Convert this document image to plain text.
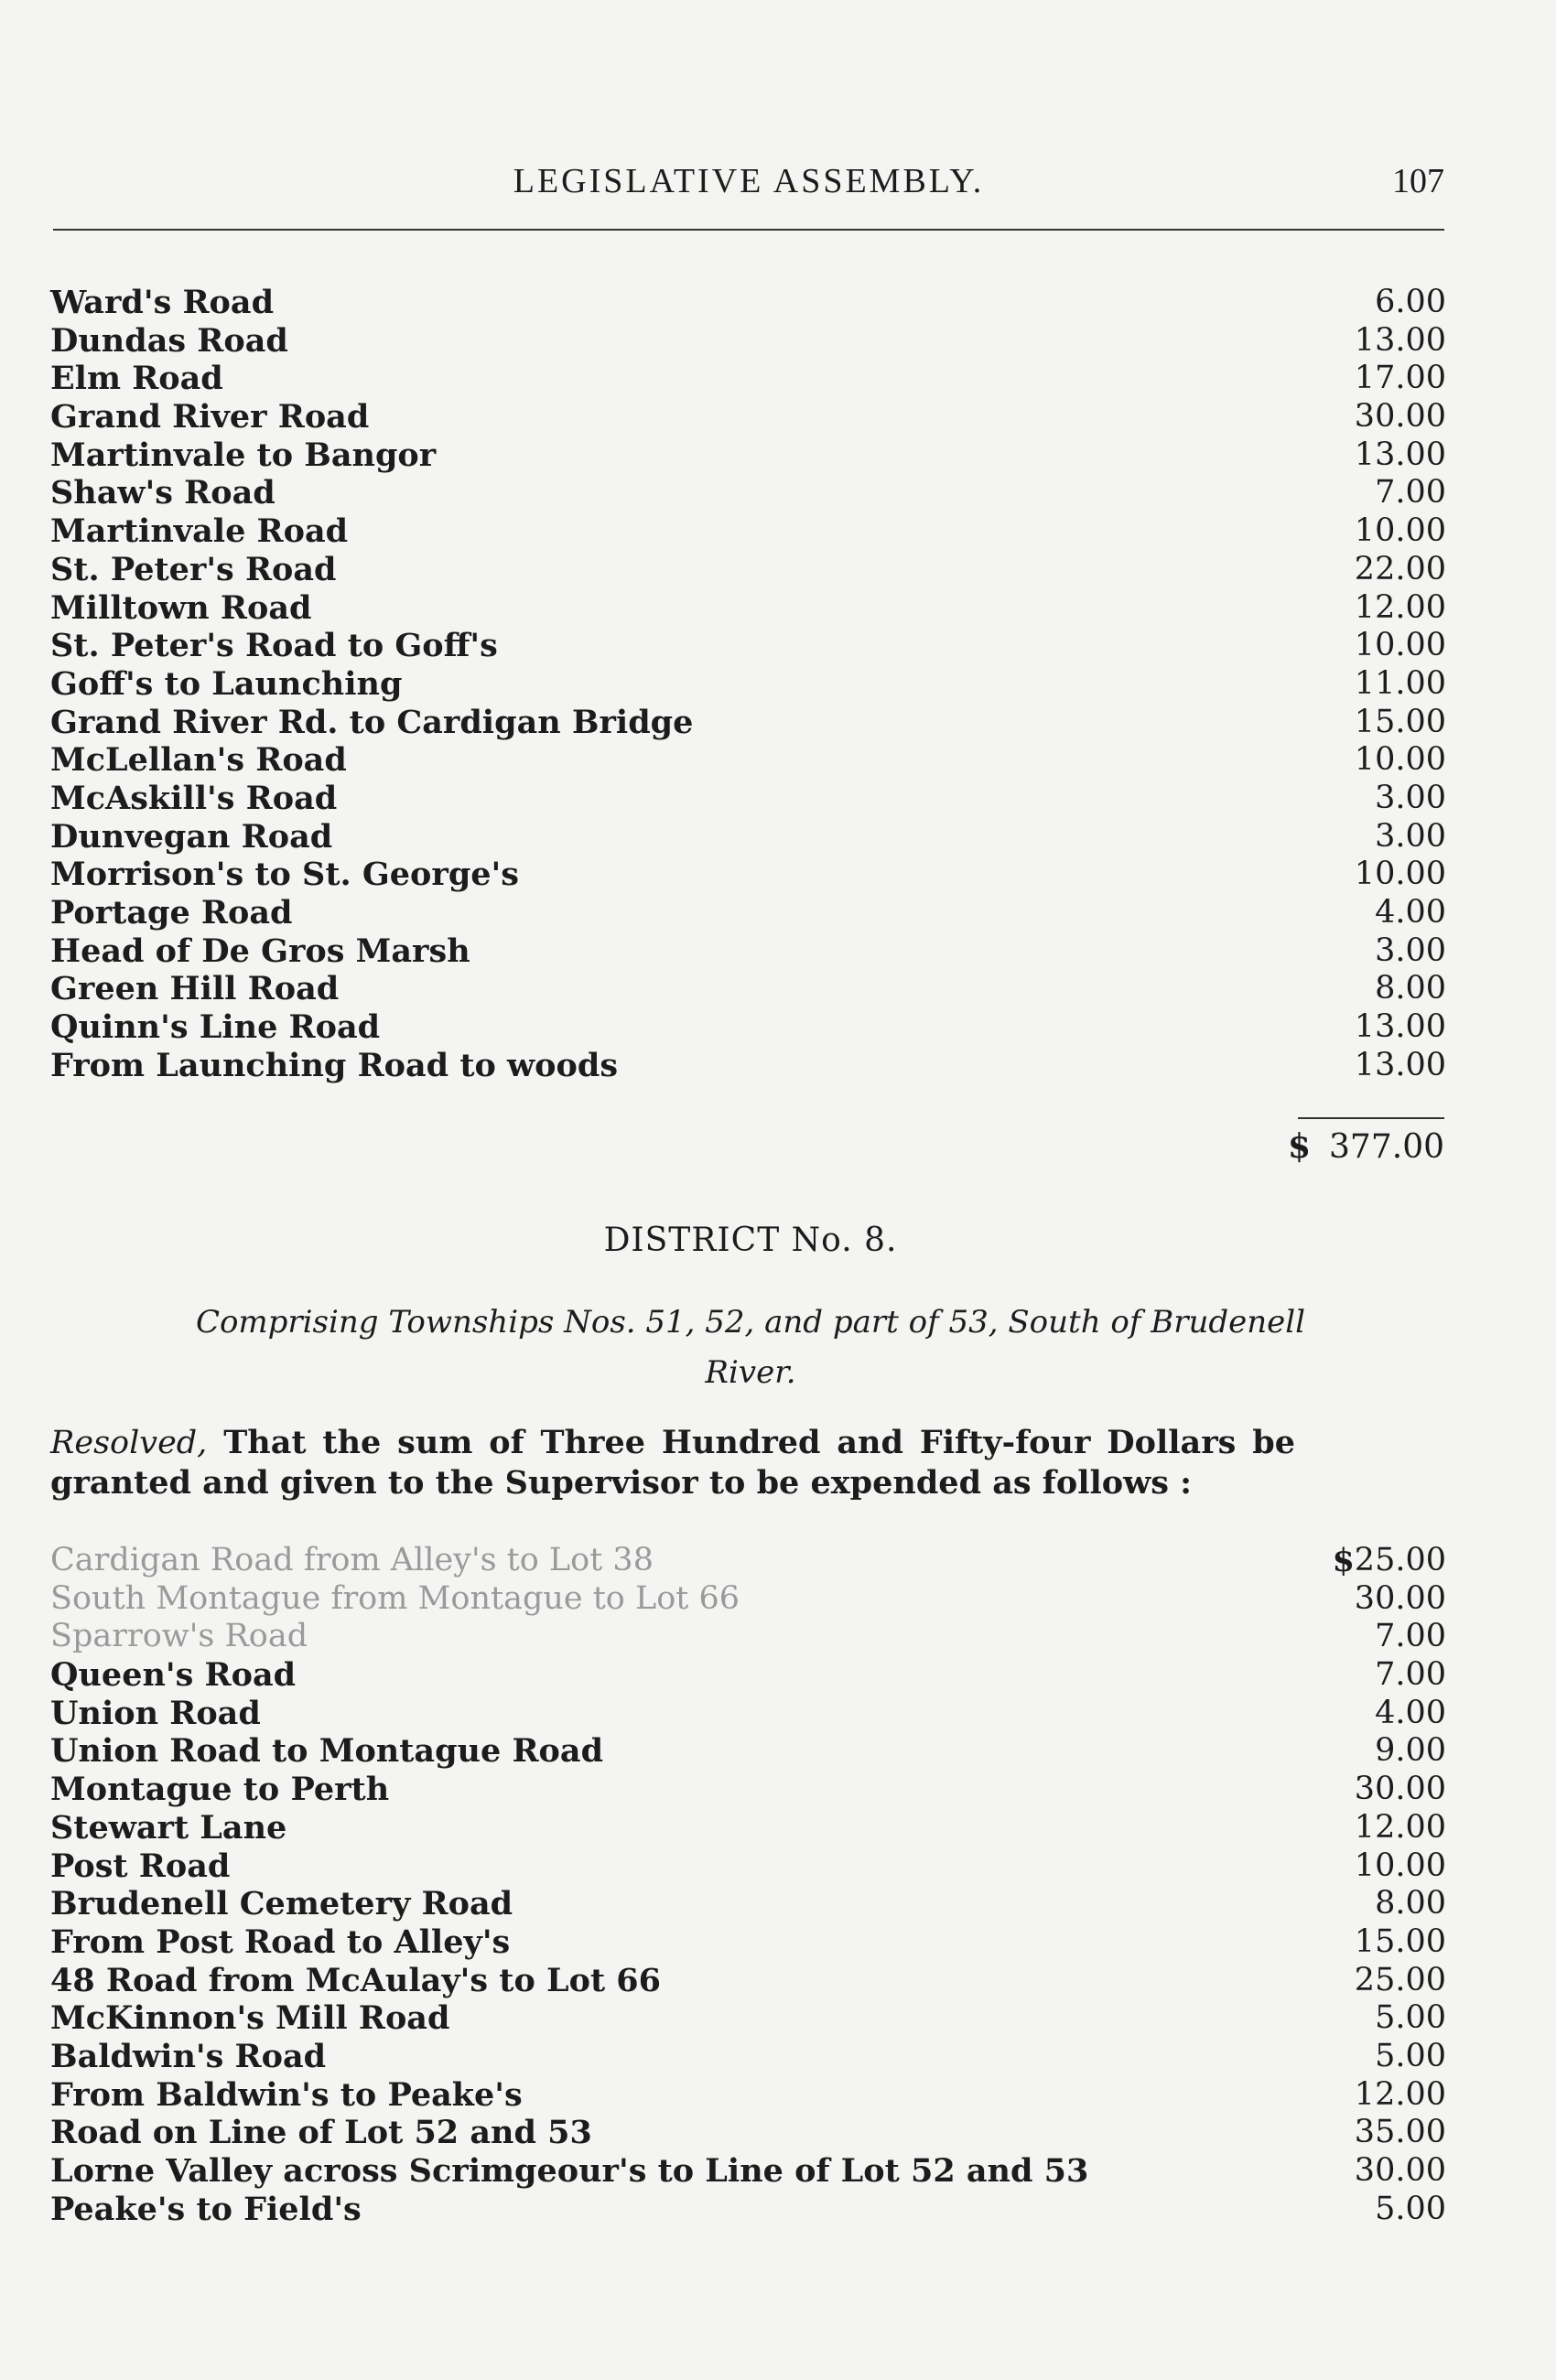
LEGISLATIVE ASSEMBLY.	107
Ward's Road	6.00
Dundas Road	13.00
Elm Road	17.00
Grand River Road	30.00
Martinvale to Bangor	13.00
Shaw's Road	7.00
Martinvale Road	10.00
St. Peter's Road	22.00
Milltown Road	12.00
St. Peter's Road to Goff's	10.00
Goff's to Launching	11.00
Grand River Rd. to Cardigan Bridge	15.00
McLellan's Road	10.00
McAskill's Road	3.00
Dunvegan Road	3.00
Morrison's to St. George's	10.00
Portage Road	4.00
Head of De Gros Marsh	3.00
Green Hill Road	8.00
Quinn's Line Road	13.00
From Launching Road to woods	13.00
$ 377.00
DISTRICT No. 8.
Comprising Townships Nos. 51, 52, and part of 53, South of Brudenell River.
Resolved, That the sum of Three Hundred and Fifty-four Dollars be granted and given to the Supervisor to be expended as follows :
Cardigan Road from Alley's to Lot 38	$ 25.00
South Montague from Montague to Lot 66	30.00
Sparrow's Road	7.00
Queen's Road	7.00
Union Road	4.00
Union Road to Montague Road	9.00
Montague to Perth	30.00
Stewart Lane	12.00
Post Road	10.00
Brudenell Cemetery Road	8.00
From Post Road to Alley's	15.00
48 Road from McAulay's to Lot 66	25.00
McKinnon's Mill Road	5.00
Baldwin's Road	5.00
From Baldwin's to Peake's	12.00
Road on Line of Lot 52 and 53	35.00
Lorne Valley across Scrimgeour's to Line of Lot 52 and 53	30.00
Peake's to Field's	5.00
